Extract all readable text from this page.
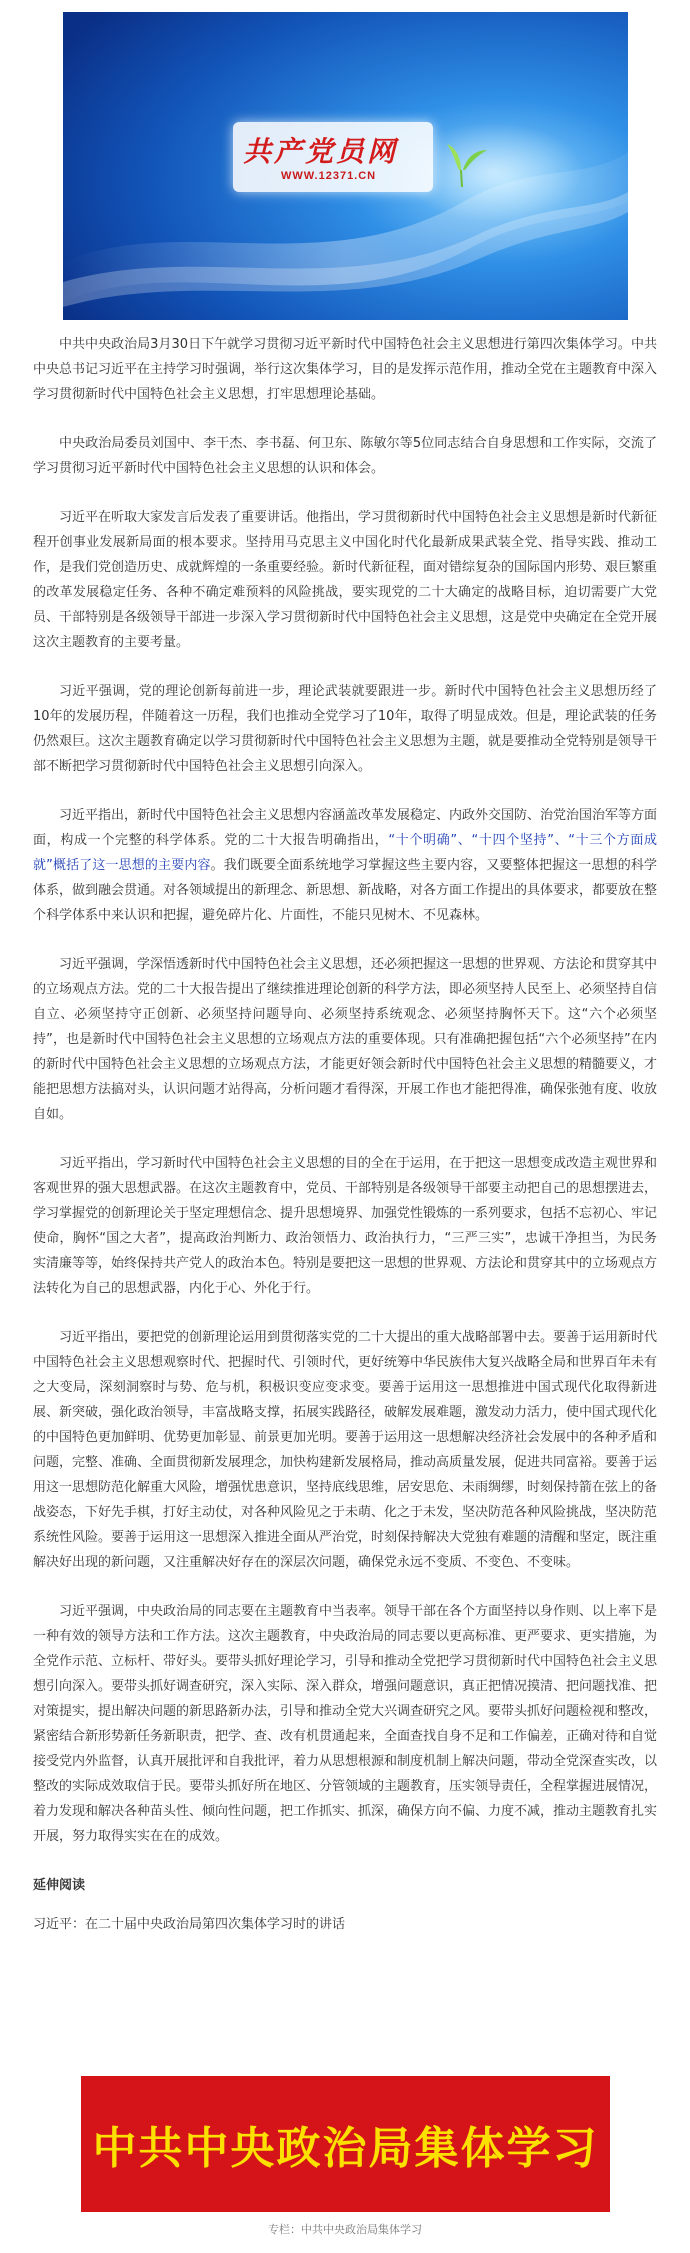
共产党员网
WWW.12371.CN

中共中央政治局3月30日下午就学习贯彻习近平新时代中国特色社会主义思想进行第四次集体学习。中共中央总书记习近平在主持学习时强调，举行这次集体学习，目的是发挥示范作用，推动全党在主题教育中深入学习贯彻新时代中国特色社会主义思想，打牢思想理论基础。

中央政治局委员刘国中、李干杰、李书磊、何卫东、陈敏尔等5位同志结合自身思想和工作实际，交流了学习贯彻习近平新时代中国特色社会主义思想的认识和体会。

习近平在听取大家发言后发表了重要讲话。他指出，学习贯彻新时代中国特色社会主义思想是新时代新征程开创事业发展新局面的根本要求。坚持用马克思主义中国化时代化最新成果武装全党、指导实践、推动工作，是我们党创造历史、成就辉煌的一条重要经验。新时代新征程，面对错综复杂的国际国内形势、艰巨繁重的改革发展稳定任务、各种不确定难预料的风险挑战，要实现党的二十大确定的战略目标，迫切需要广大党员、干部特别是各级领导干部进一步深入学习贯彻新时代中国特色社会主义思想，这是党中央确定在全党开展这次主题教育的主要考量。

习近平强调，党的理论创新每前进一步，理论武装就要跟进一步。新时代中国特色社会主义思想历经了10年的发展历程，伴随着这一历程，我们也推动全党学习了10年，取得了明显成效。但是，理论武装的任务仍然艰巨。这次主题教育确定以学习贯彻新时代中国特色社会主义思想为主题，就是要推动全党特别是领导干部不断把学习贯彻新时代中国特色社会主义思想引向深入。

习近平指出，新时代中国特色社会主义思想内容涵盖改革发展稳定、内政外交国防、治党治国治军等方面面，构成一个完整的科学体系。党的二十大报告明确指出，“十个明确”、“十四个坚持”、“十三个方面成就”概括了这一思想的主要内容。我们既要全面系统地学习掌握这些主要内容，又要整体把握这一思想的科学体系，做到融会贯通。对各领域提出的新理念、新思想、新战略，对各方面工作提出的具体要求，都要放在整个科学体系中来认识和把握，避免碎片化、片面性，不能只见树木、不见森林。

习近平强调，学深悟透新时代中国特色社会主义思想，还必须把握这一思想的世界观、方法论和贯穿其中的立场观点方法。党的二十大报告提出了继续推进理论创新的科学方法，即必须坚持人民至上、必须坚持自信自立、必须坚持守正创新、必须坚持问题导向、必须坚持系统观念、必须坚持胸怀天下。这“六个必须坚持”，也是新时代中国特色社会主义思想的立场观点方法的重要体现。只有准确把握包括“六个必须坚持”在内的新时代中国特色社会主义思想的立场观点方法，才能更好领会新时代中国特色社会主义思想的精髓要义，才能把思想方法搞对头，认识问题才站得高，分析问题才看得深，开展工作也才能把得准，确保张弛有度、收放自如。

习近平指出，学习新时代中国特色社会主义思想的目的全在于运用，在于把这一思想变成改造主观世界和客观世界的强大思想武器。在这次主题教育中，党员、干部特别是各级领导干部要主动把自己的思想摆进去，学习掌握党的创新理论关于坚定理想信念、提升思想境界、加强党性锻炼的一系列要求，包括不忘初心、牢记使命，胸怀“国之大者”，提高政治判断力、政治领悟力、政治执行力，“三严三实”，忠诚干净担当，为民务实清廉等等，始终保持共产党人的政治本色。特别是要把这一思想的世界观、方法论和贯穿其中的立场观点方法转化为自己的思想武器，内化于心、外化于行。

习近平指出，要把党的创新理论运用到贯彻落实党的二十大提出的重大战略部署中去。要善于运用新时代中国特色社会主义思想观察时代、把握时代、引领时代，更好统筹中华民族伟大复兴战略全局和世界百年未有之大变局，深刻洞察时与势、危与机，积极识变应变求变。要善于运用这一思想推进中国式现代化取得新进展、新突破，强化政治领导，丰富战略支撑，拓展实践路径，破解发展难题，激发动力活力，使中国式现代化的中国特色更加鲜明、优势更加彰显、前景更加光明。要善于运用这一思想解决经济社会发展中的各种矛盾和问题，完整、准确、全面贯彻新发展理念，加快构建新发展格局，推动高质量发展，促进共同富裕。要善于运用这一思想防范化解重大风险，增强忧患意识，坚持底线思维，居安思危、未雨绸缪，时刻保持箭在弦上的备战姿态，下好先手棋，打好主动仗，对各种风险见之于未萌、化之于未发，坚决防范各种风险挑战，坚决防范系统性风险。要善于运用这一思想深入推进全面从严治党，时刻保持解决大党独有难题的清醒和坚定，既注重解决好出现的新问题，又注重解决好存在的深层次问题，确保党永远不变质、不变色、不变味。

习近平强调，中央政治局的同志要在主题教育中当表率。领导干部在各个方面坚持以身作则、以上率下是一种有效的领导方法和工作方法。这次主题教育，中央政治局的同志要以更高标准、更严要求、更实措施，为全党作示范、立标杆、带好头。要带头抓好理论学习，引导和推动全党把学习贯彻新时代中国特色社会主义思想引向深入。要带头抓好调查研究，深入实际、深入群众，增强问题意识，真正把情况摸清、把问题找准、把对策提实，提出解决问题的新思路新办法，引导和推动全党大兴调查研究之风。要带头抓好问题检视和整改，紧密结合新形势新任务新职责，把学、查、改有机贯通起来，全面查找自身不足和工作偏差，正确对待和自觉接受党内外监督，认真开展批评和自我批评，着力从思想根源和制度机制上解决问题，带动全党深查实改，以整改的实际成效取信于民。要带头抓好所在地区、分管领域的主题教育，压实领导责任，全程掌握进展情况，着力发现和解决各种苗头性、倾向性问题，把工作抓实、抓深，确保方向不偏、力度不减，推动主题教育扎实开展，努力取得实实在在的成效。

延伸阅读

习近平：在二十届中央政治局第四次集体学习时的讲话

中共中央政治局集体学习
专栏：中共中央政治局集体学习
